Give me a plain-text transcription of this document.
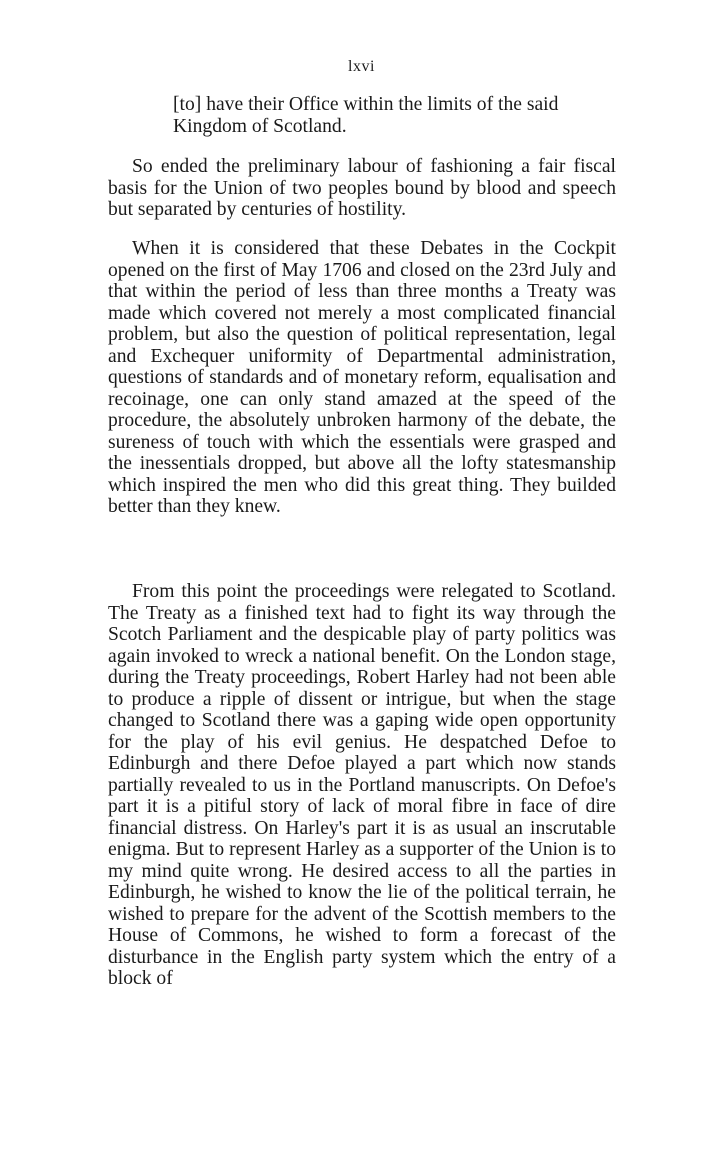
lxvi

[to] have their Office within the limits of the said Kingdom of Scotland.

So ended the preliminary labour of fashioning a fair fiscal basis for the Union of two peoples bound by blood and speech but separated by centuries of hostility.

When it is considered that these Debates in the Cockpit opened on the first of May 1706 and closed on the 23rd July and that within the period of less than three months a Treaty was made which covered not merely a most complicated financial problem, but also the question of political representation, legal and Exchequer uniformity of Departmental administration, questions of standards and of monetary reform, equalisation and recoinage, one can only stand amazed at the speed of the procedure, the absolutely unbroken harmony of the debate, the sureness of touch with which the essentials were grasped and the inessentials dropped, but above all the lofty statesmanship which inspired the men who did this great thing. They builded better than they knew.

From this point the proceedings were relegated to Scotland. The Treaty as a finished text had to fight its way through the Scotch Parliament and the despicable play of party politics was again invoked to wreck a national benefit. On the London stage, during the Treaty proceedings, Robert Harley had not been able to produce a ripple of dissent or intrigue, but when the stage changed to Scotland there was a gaping wide open opportunity for the play of his evil genius. He despatched Defoe to Edinburgh and there Defoe played a part which now stands partially revealed to us in the Portland manuscripts. On Defoe's part it is a pitiful story of lack of moral fibre in face of dire financial distress. On Harley's part it is as usual an inscrutable enigma. But to represent Harley as a supporter of the Union is to my mind quite wrong. He desired access to all the parties in Edinburgh, he wished to know the lie of the political terrain, he wished to prepare for the advent of the Scottish members to the House of Commons, he wished to form a forecast of the disturbance in the English party system which the entry of a block of
